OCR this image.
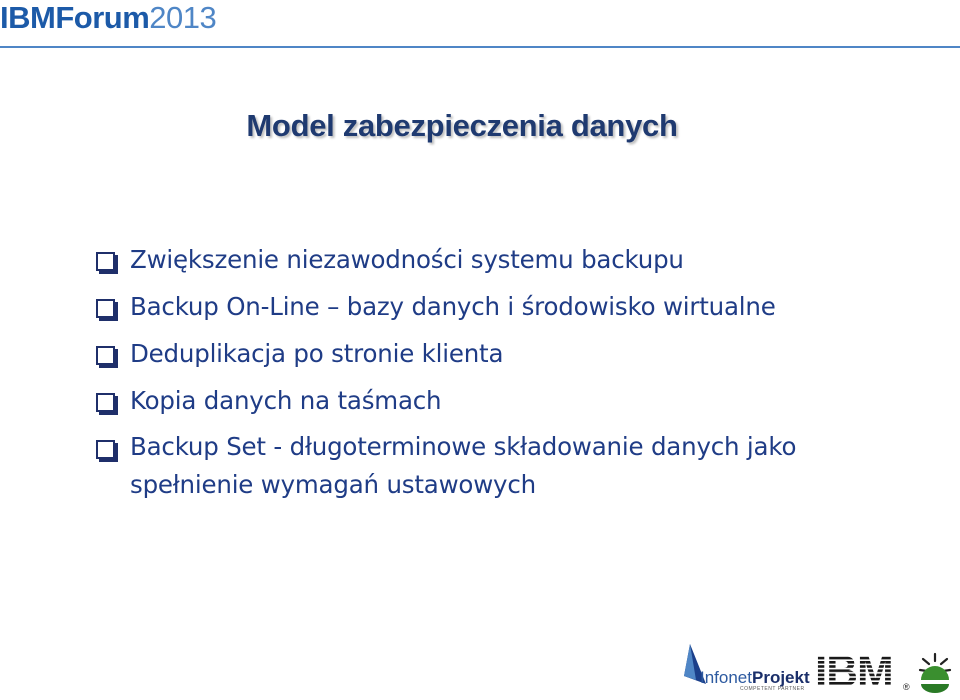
IBM Forum 2013
Model zabezpieczenia danych
Zwiększenie niezawodności systemu backupu
Backup On-Line – bazy danych i środowisko wirtualne
Deduplikacja po stronie klienta
Kopia danych na taśmach
Backup Set - długoterminowe składowanie danych jako spełnienie wymagań ustawowych
InfonetProjekt
COMPETENT PARTNER IBM ®
